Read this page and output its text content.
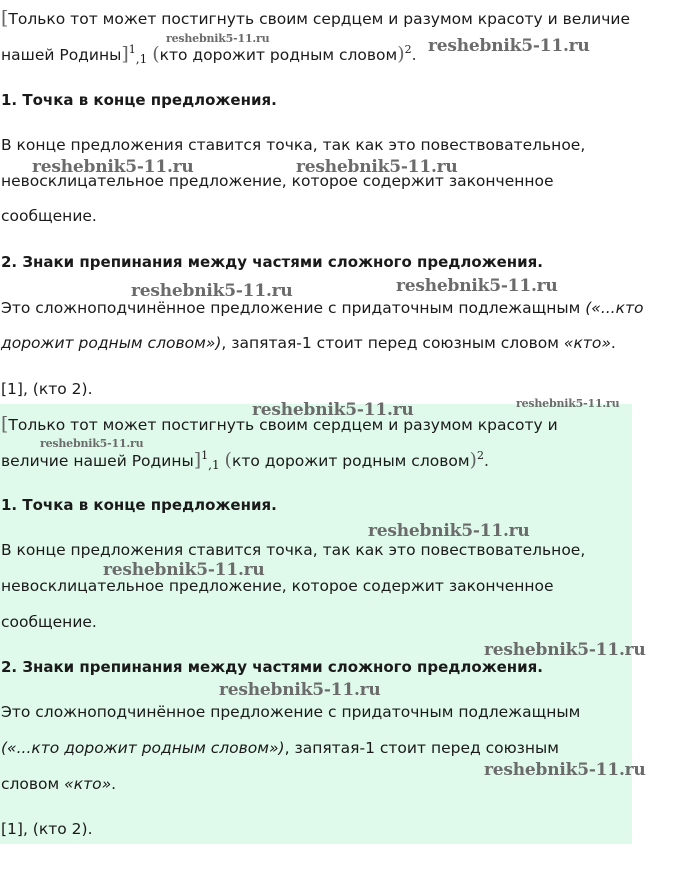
[Только тот может постигнуть своим сердцем и разумом красоту и величие
нашей Родины]$^1$,1 (кто дорожит родным словом)$^2$.
1. Точка в конце предложения.
В конце предложения ставится точка, так как это повествовательное,
невосклицательное предложение, которое содержит законченное
сообщение.
2. Знаки препинания между частями сложного предложения.
Это сложноподчинённое предложение с придаточным подлежащным («...кто
дорожит родным словом»), запятая-1 стоит перед союзным словом «кто».
[1], (кто 2).
[Только тот может постигнуть своим сердцем и разумом красоту и
величие нашей Родины]$^1$,1 (кто дорожит родным словом)$^2$.
1. Точка в конце предложения.
В конце предложения ставится точка, так как это повествовательное,
невосклицательное предложение, которое содержит законченное
сообщение.
2. Знаки препинания между частями сложного предложения.
Это сложноподчинённое предложение с придаточным подлежащным
(«...кто дорожит родным словом»), запятая-1 стоит перед союзным
словом «кто».
[1], (кто 2).
reshebnik5-11.ru	reshebnik5-11.ru
reshebnik5-11.ru	reshebnik5-11.ru
reshebnik5-11.ru	reshebnik5-11.ru
reshebnik5-11.ru	reshebnik5-11.ru
reshebnik5-11.ru
reshebnik5-11.ru
reshebnik5-11.ru
reshebnik5-11.ru
reshebnik5-11.ru
reshebnik5-11.ru
